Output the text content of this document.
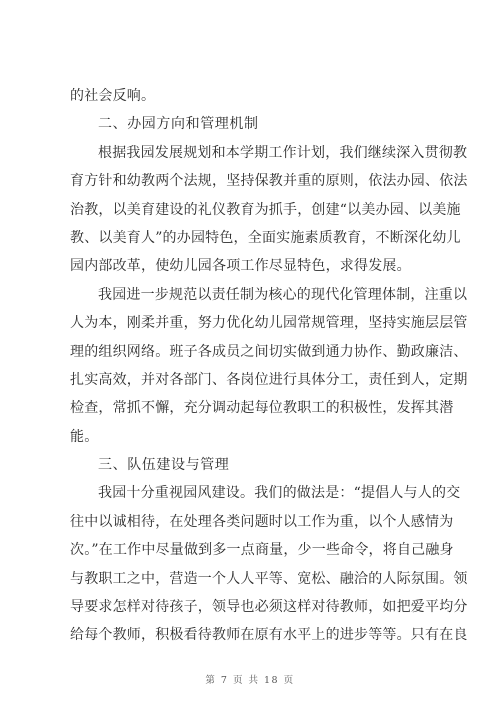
的社会反响。
二、办园方向和管理机制
根据我园发展规划和本学期工作计划，我们继续深入贯彻教
育方针和幼教两个法规，坚持保教并重的原则，依法办园、依法
治教，以美育建设的礼仪教育为抓手，创建“以美办园、以美施
教、以美育人”的办园特色，全面实施素质教育，不断深化幼儿
园内部改革，使幼儿园各项工作尽显特色，求得发展。
我园进一步规范以责任制为核心的现代化管理体制，注重以
人为本，刚柔并重，努力优化幼儿园常规管理，坚持实施层层管
理的组织网络。班子各成员之间切实做到通力协作、勤政廉洁、
扎实高效，并对各部门、各岗位进行具体分工，责任到人，定期
检查，常抓不懈，充分调动起每位教职工的积极性，发挥其潜
能。
三、队伍建设与管理
我园十分重视园风建设。我们的做法是：“提倡人与人的交
往中以诚相待，在处理各类问题时以工作为重，以个人感情为
次。”在工作中尽量做到多一点商量，少一些命令，将自己融身
与教职工之中，营造一个人人平等、宽松、融洽的人际氛围。领
导要求怎样对待孩子，领导也必须这样对待教师，如把爱平均分
给每个教师，积极看待教师在原有水平上的进步等等。只有在良
第 7 页 共 18 页
